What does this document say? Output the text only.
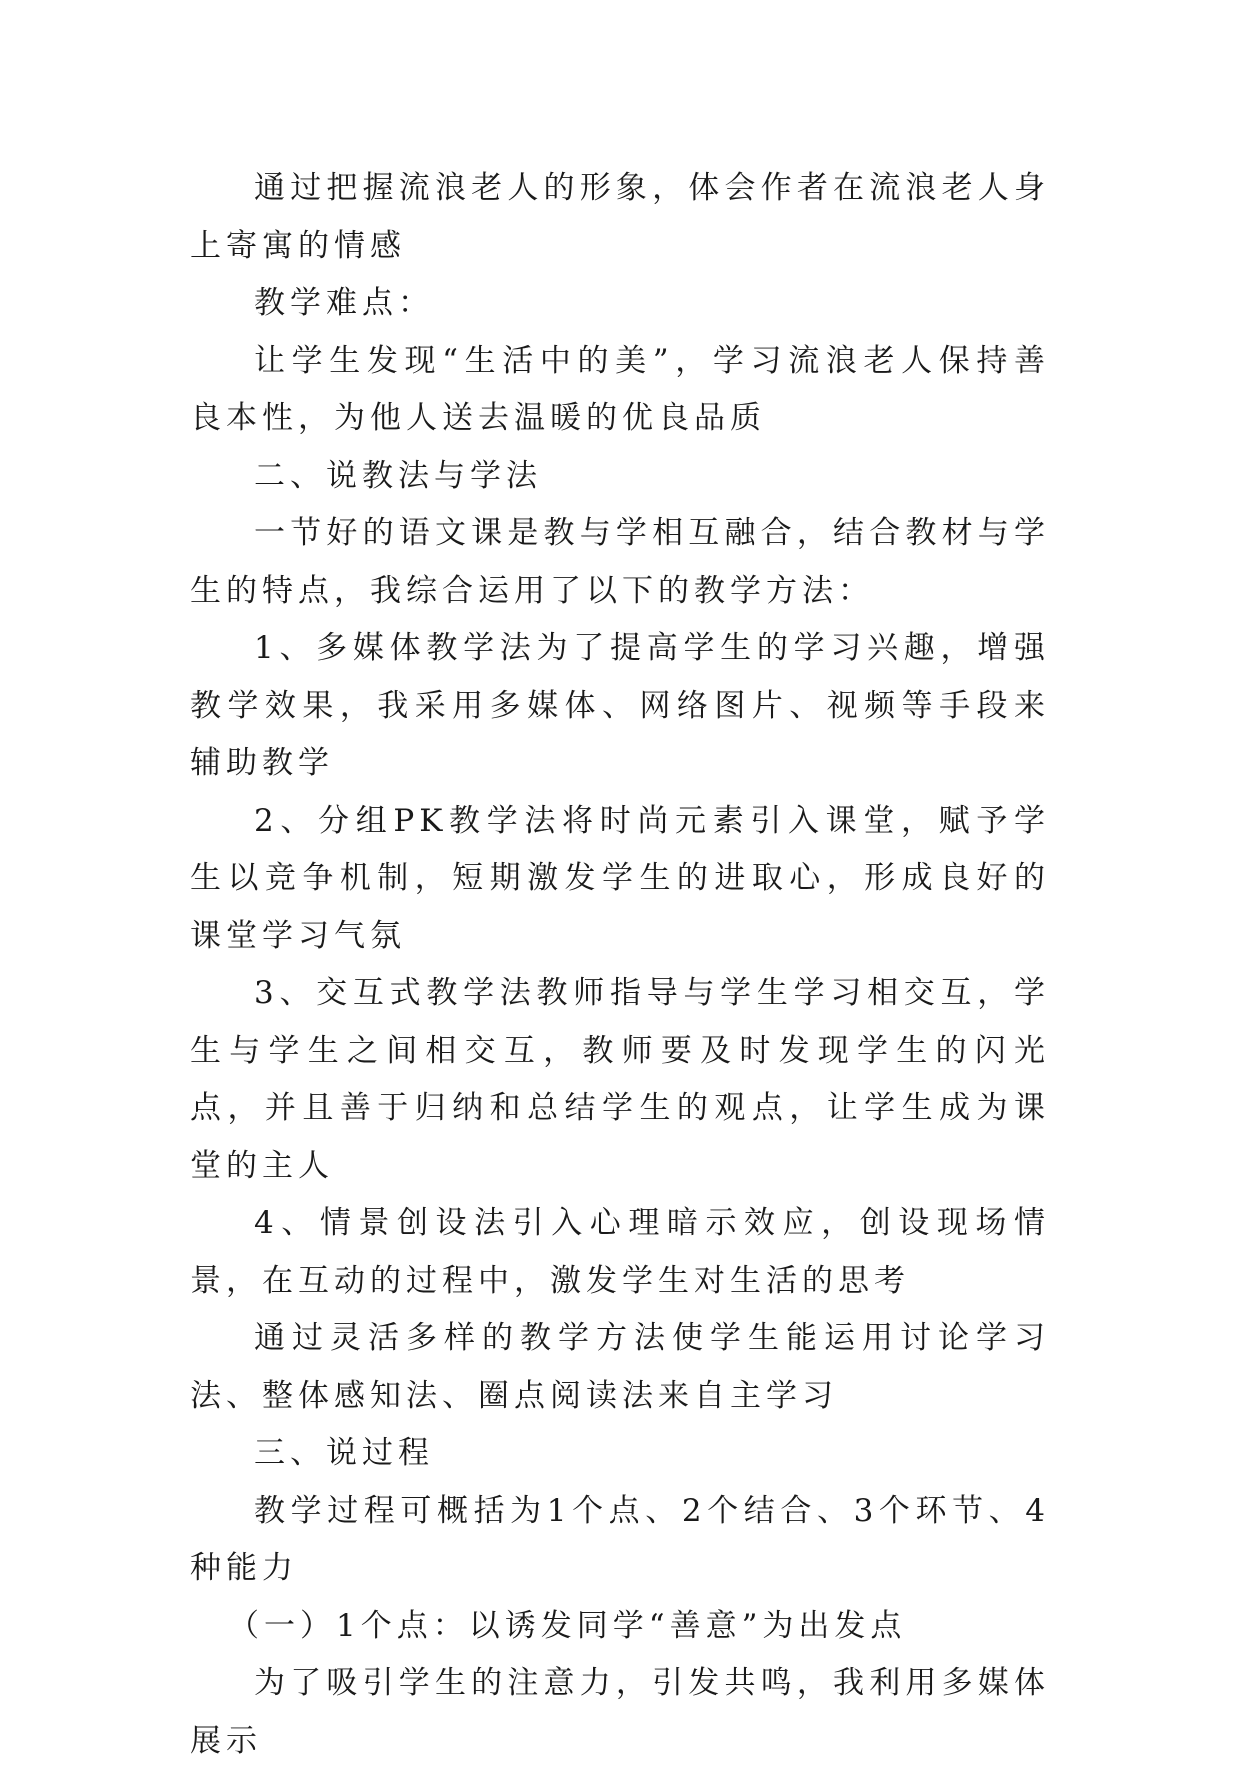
通过把握流浪老人的形象，体会作者在流浪老人身上寄寓的情感

教学难点：

让学生发现“生活中的美”，学习流浪老人保持善良本性，为他人送去温暖的优良品质

二、说教法与学法

一节好的语文课是教与学相互融合，结合教材与学生的特点，我综合运用了以下的教学方法：

1、多媒体教学法为了提高学生的学习兴趣，增强教学效果，我采用多媒体、网络图片、视频等手段来辅助教学

2、分组PK教学法将时尚元素引入课堂，赋予学生以竞争机制，短期激发学生的进取心，形成良好的课堂学习气氛

3、交互式教学法教师指导与学生学习相交互，学生与学生之间相交互，教师要及时发现学生的闪光点，并且善于归纳和总结学生的观点，让学生成为课堂的主人

4、情景创设法引入心理暗示效应，创设现场情景，在互动的过程中，激发学生对生活的思考

通过灵活多样的教学方法使学生能运用讨论学习法、整体感知法、圈点阅读法来自主学习

三、说过程

教学过程可概括为1个点、2个结合、3个环节、4种能力

（一）1个点：以诱发同学“善意”为出发点

为了吸引学生的注意力，引发共鸣，我利用多媒体展示
